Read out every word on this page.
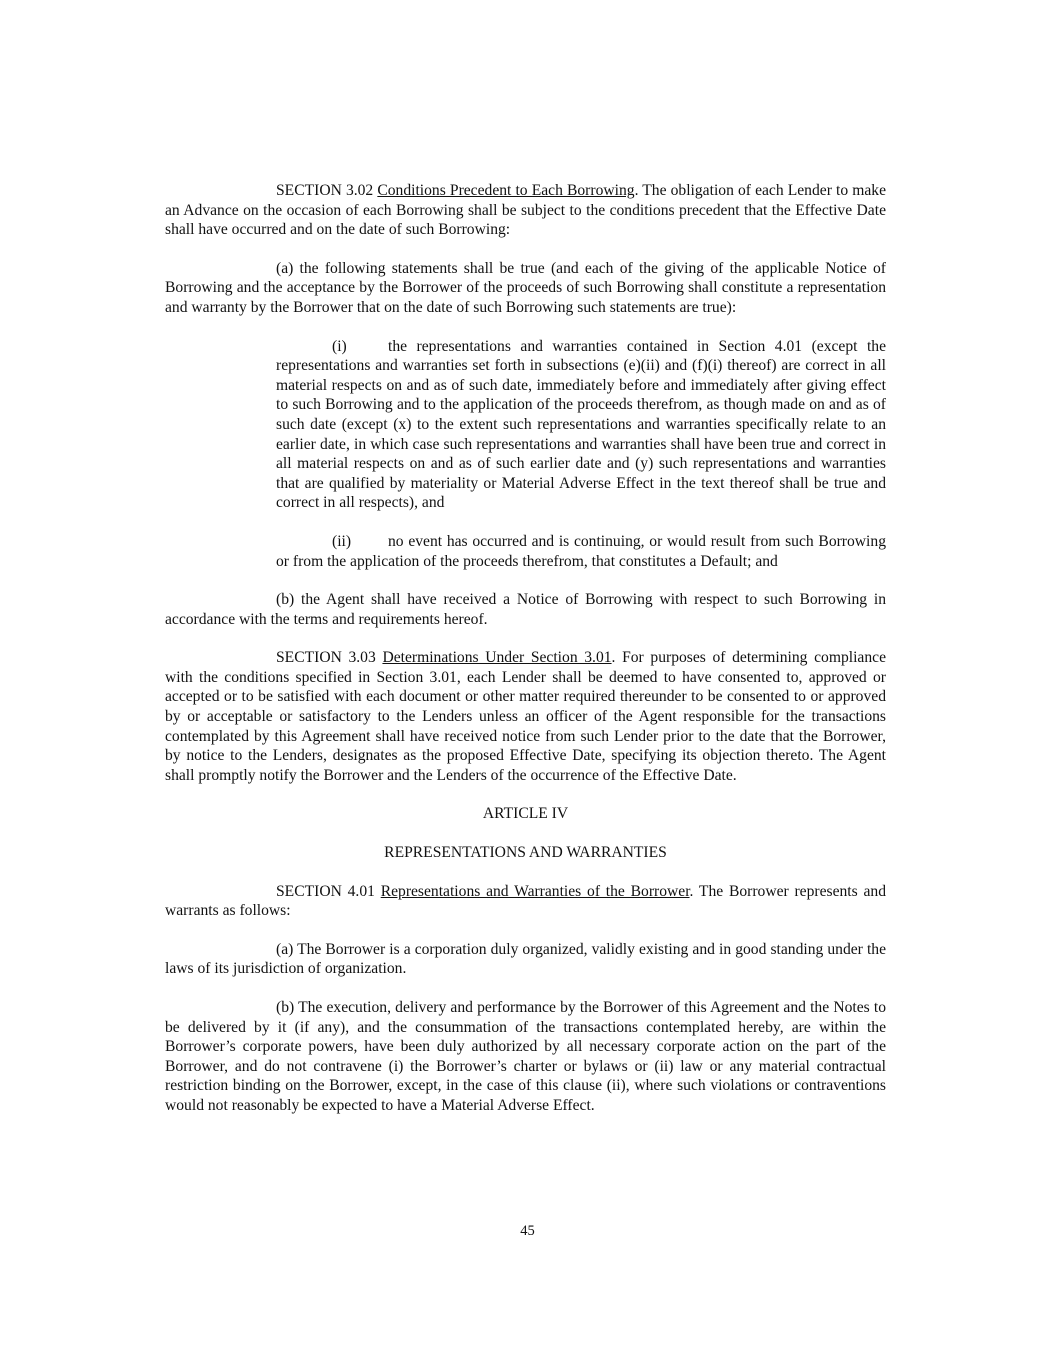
SECTION 3.02 Conditions Precedent to Each Borrowing. The obligation of each Lender to make an Advance on the occasion of each Borrowing shall be subject to the conditions precedent that the Effective Date shall have occurred and on the date of such Borrowing:

(a) the following statements shall be true (and each of the giving of the applicable Notice of Borrowing and the acceptance by the Borrower of the proceeds of such Borrowing shall constitute a representation and warranty by the Borrower that on the date of such Borrowing such statements are true):

(i)	the representations and warranties contained in Section 4.01 (except the representations and warranties set forth in subsections (e)(ii) and (f)(i) thereof) are correct in all material respects on and as of such date, immediately before and immediately after giving effect to such Borrowing and to the application of the proceeds therefrom, as though made on and as of such date (except (x) to the extent such representations and warranties specifically relate to an earlier date, in which case such representations and warranties shall have been true and correct in all material respects on and as of such earlier date and (y) such representations and warranties that are qualified by materiality or Material Adverse Effect in the text thereof shall be true and correct in all respects), and

(ii) no event has occurred and is continuing, or would result from such Borrowing or from the application of the proceeds therefrom, that constitutes a Default; and

(b) the Agent shall have received a Notice of Borrowing with respect to such Borrowing in accordance with the terms and requirements hereof.

SECTION 3.03 Determinations Under Section 3.01. For purposes of determining compliance with the conditions specified in Section 3.01, each Lender shall be deemed to have consented to, approved or accepted or to be satisfied with each document or other matter required thereunder to be consented to or approved by or acceptable or satisfactory to the Lenders unless an officer of the Agent responsible for the transactions contemplated by this Agreement shall have received notice from such Lender prior to the date that the Borrower, by notice to the Lenders, designates as the proposed Effective Date, specifying its objection thereto. The Agent shall promptly notify the Borrower and the Lenders of the occurrence of the Effective Date.

ARTICLE IV

REPRESENTATIONS AND WARRANTIES

SECTION 4.01 Representations and Warranties of the Borrower. The Borrower represents and warrants as follows:

(a) The Borrower is a corporation duly organized, validly existing and in good standing under the laws of its jurisdiction of organization.

(b) The execution, delivery and performance by the Borrower of this Agreement and the Notes to be delivered by it (if any), and the consummation of the transactions contemplated hereby, are within the Borrower’s corporate powers, have been duly authorized by all necessary corporate action on the part of the Borrower, and do not contravene (i) the Borrower’s charter or bylaws or (ii) law or any material contractual restriction binding on the Borrower, except, in the case of this clause (ii), where such violations or contraventions would not reasonably be expected to have a Material Adverse Effect.

45
